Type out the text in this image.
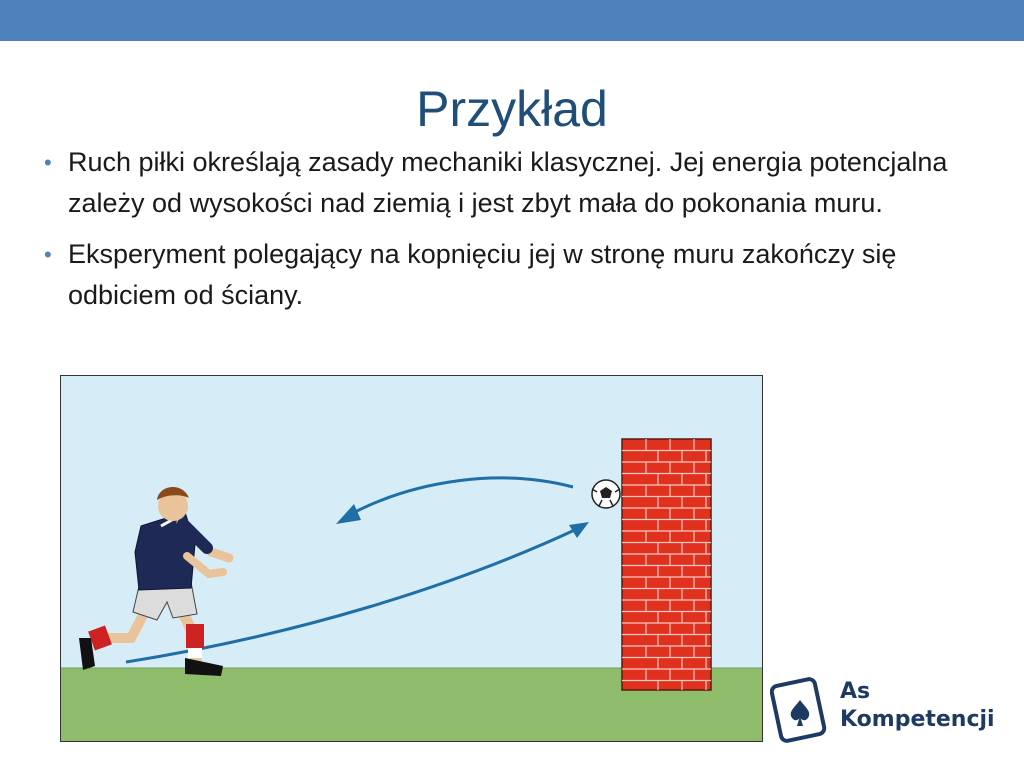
Przykład
• Ruch piłki określają zasady mechaniki klasycznej. Jej energia potencjalna zależy od wysokości nad ziemią i jest zbyt mała do pokonania muru.
• Eksperyment polegający na kopnięciu jej w stronę muru zakończy się odbiciem od ściany.
As
Kompetencji
